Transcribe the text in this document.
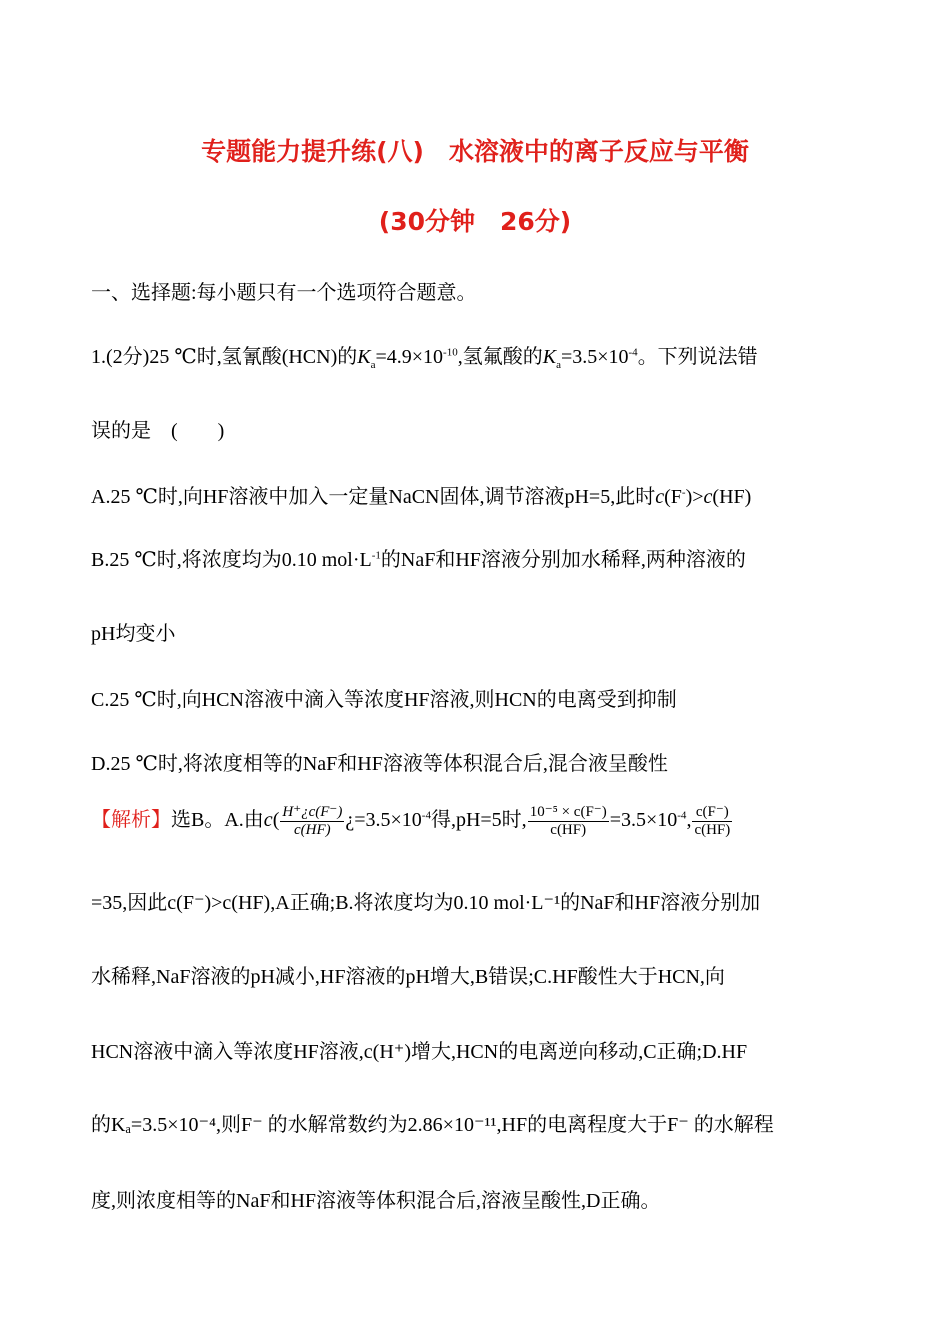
专题能力提升练(八)　水溶液中的离子反应与平衡
(30分钟　26分)
一、选择题:每小题只有一个选项符合题意。
1.(2分)25 ℃时,氢氰酸(HCN)的$K_a=4.9\times 10^{-10}$,氢氟酸的$K_a=3.5\times 10^{-4}$。下列说法错
误的是　(　　)
A.25 ℃时,向HF溶液中加入一定量NaCN固体,调节溶液pH=5,此时c(F-)>c(HF)
B.25 ℃时,将浓度均为0.10 $mol\cdot L^{-1}$的NaF和HF溶液分别加水稀释,两种溶液的
pH均变小
C.25 ℃时,向HCN溶液中滴入等浓度HF溶液,则HCN的电离受到抑制
D.25 ℃时,将浓度相等的NaF和HF溶液等体积混合后,混合液呈酸性
【解析】选B。A.由$c( \frac{H^+¿c(F^-)}{c(HF)}$ ¿$=3.5\times 10^{-4}$得,pH=5时, $\frac{\text{10⁻⁵ × c(F⁻)}}{c(HF)} =3.5\times 10^{-4}$, $\frac{c(F^-)}{c(HF)}$
=35,因此c(F⁻)>c(HF),A正确;B.将浓度均为0.10 mol·L⁻¹的NaF和HF溶液分别加
水稀释,NaF溶液的pH减小,HF溶液的pH增大,B错误;C.HF酸性大于HCN,向
HCN溶液中滴入等浓度HF溶液,c(H⁺)增大,HCN的电离逆向移动,C正确;D.HF
的Kₐ=3.5×10⁻⁴,则F⁻ 的水解常数约为2.86×10⁻¹¹,HF的电离程度大于F⁻ 的水解程
度,则浓度相等的NaF和HF溶液等体积混合后,溶液呈酸性,D正确。
